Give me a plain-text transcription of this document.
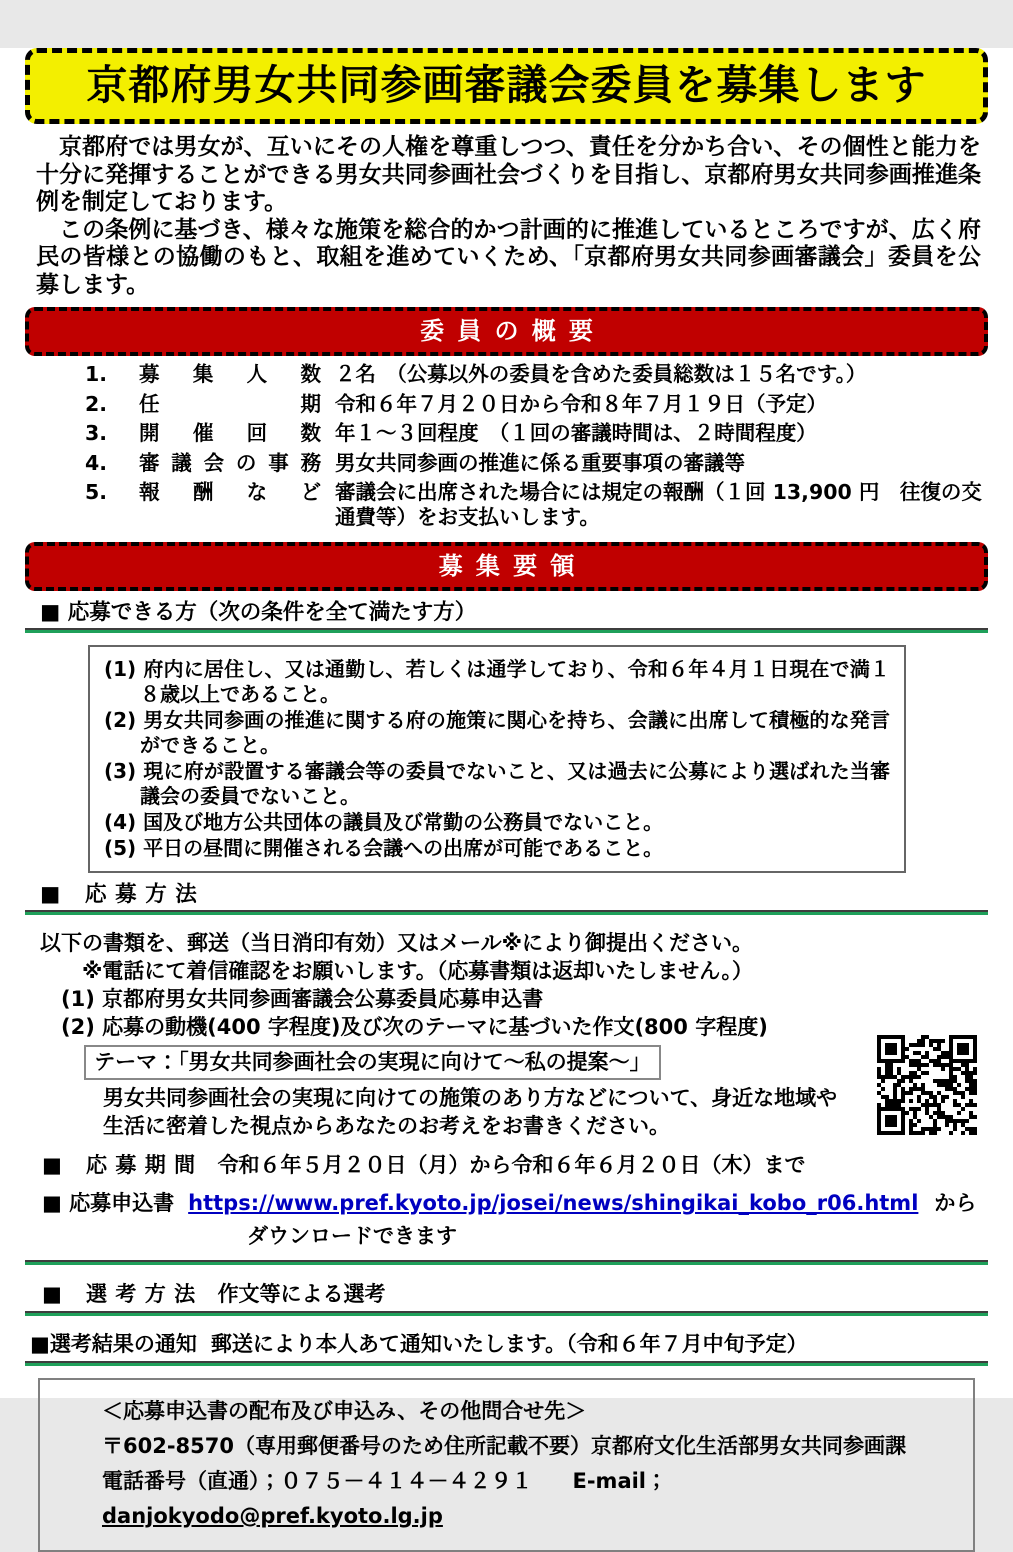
京都府男女共同参画審議会委員を募集します

京都府では男女が、互いにその人権を尊重しつつ、責任を分かち合い、その個性と能力を十分に発揮することができる男女共同参画社会づくりを目指し、京都府男女共同参画推進条例を制定しております。

この条例に基づき、様々な施策を総合的かつ計画的に推進しているところですが、広く府民の皆様との協働のもと、取組を進めていくため、「京都府男女共同参画審議会」委員を公募します。

委員の概要
1.	募集人数 ２名　（公募以外の委員を含めた委員総数は１５名です。）
2.	任期 令和６年７月２０日から令和８年７月１９日（予定）
3.	開催回数 年１～３回程度　（１回の審議時間は、２時間程度）
4.	審議会の事務 男女共同参画の推進に係る重要事項の審議等
5.	報酬など 審議会に出席された場合には規定の報酬（１回 13,900 円　往復の交通費等）をお支払いします。
募集要領
■ 応募できる方（次の条件を全て満たす方）
(1) 府内に居住し、又は通勤し、若しくは通学しており、令和６年４月１日現在で満１８歳以上であること。
(2) 男女共同参画の推進に関する府の施策に関心を持ち、会議に出席して積極的な発言ができること。
(3) 現に府が設置する審議会等の委員でないこと、又は過去に公募により選ばれた当審議会の委員でないこと。
(4) 国及び地方公共団体の議員及び常勤の公務員でないこと。
(5) 平日の昼間に開催される会議への出席が可能であること。
■ 応募方法

以下の書類を、郵送（当日消印有効）又はメール※により御提出ください。

※電話にて着信確認をお願いします。（応募書類は返却いたしません。）

(1) 京都府男女共同参画審議会公募委員応募申込書

(2) 応募の動機(400 字程度)及び次のテーマに基づいた作文(800 字程度)

テーマ：「男女共同参画社会の実現に向けて～私の提案～」

男女共同参画社会の実現に向けての施策のあり方などについて、身近な地域や

生活に密着した視点からあなたのお考えをお書きください。

■ 応募期間 令和６年５月２０日（月）から令和６年６月２０日（木）まで
■ 応募申込書 https://www.pref.kyoto.jp/josei/news/shingikai_kobo_r06.html から
ダウンロードできます
■ 選考方法 作文等による選考
■選考結果の通知 郵送により本人あて通知いたします。（令和６年７月中旬予定）

＜応募申込書の配布及び申込み、その他問合せ先＞

〒602-8570（専用郵便番号のため住所記載不要）京都府文化生活部男女共同参画課

電話番号（直通）；０７５－４１４－４２９１ E-mail；danjokyodo@pref.kyoto.lg.jp
